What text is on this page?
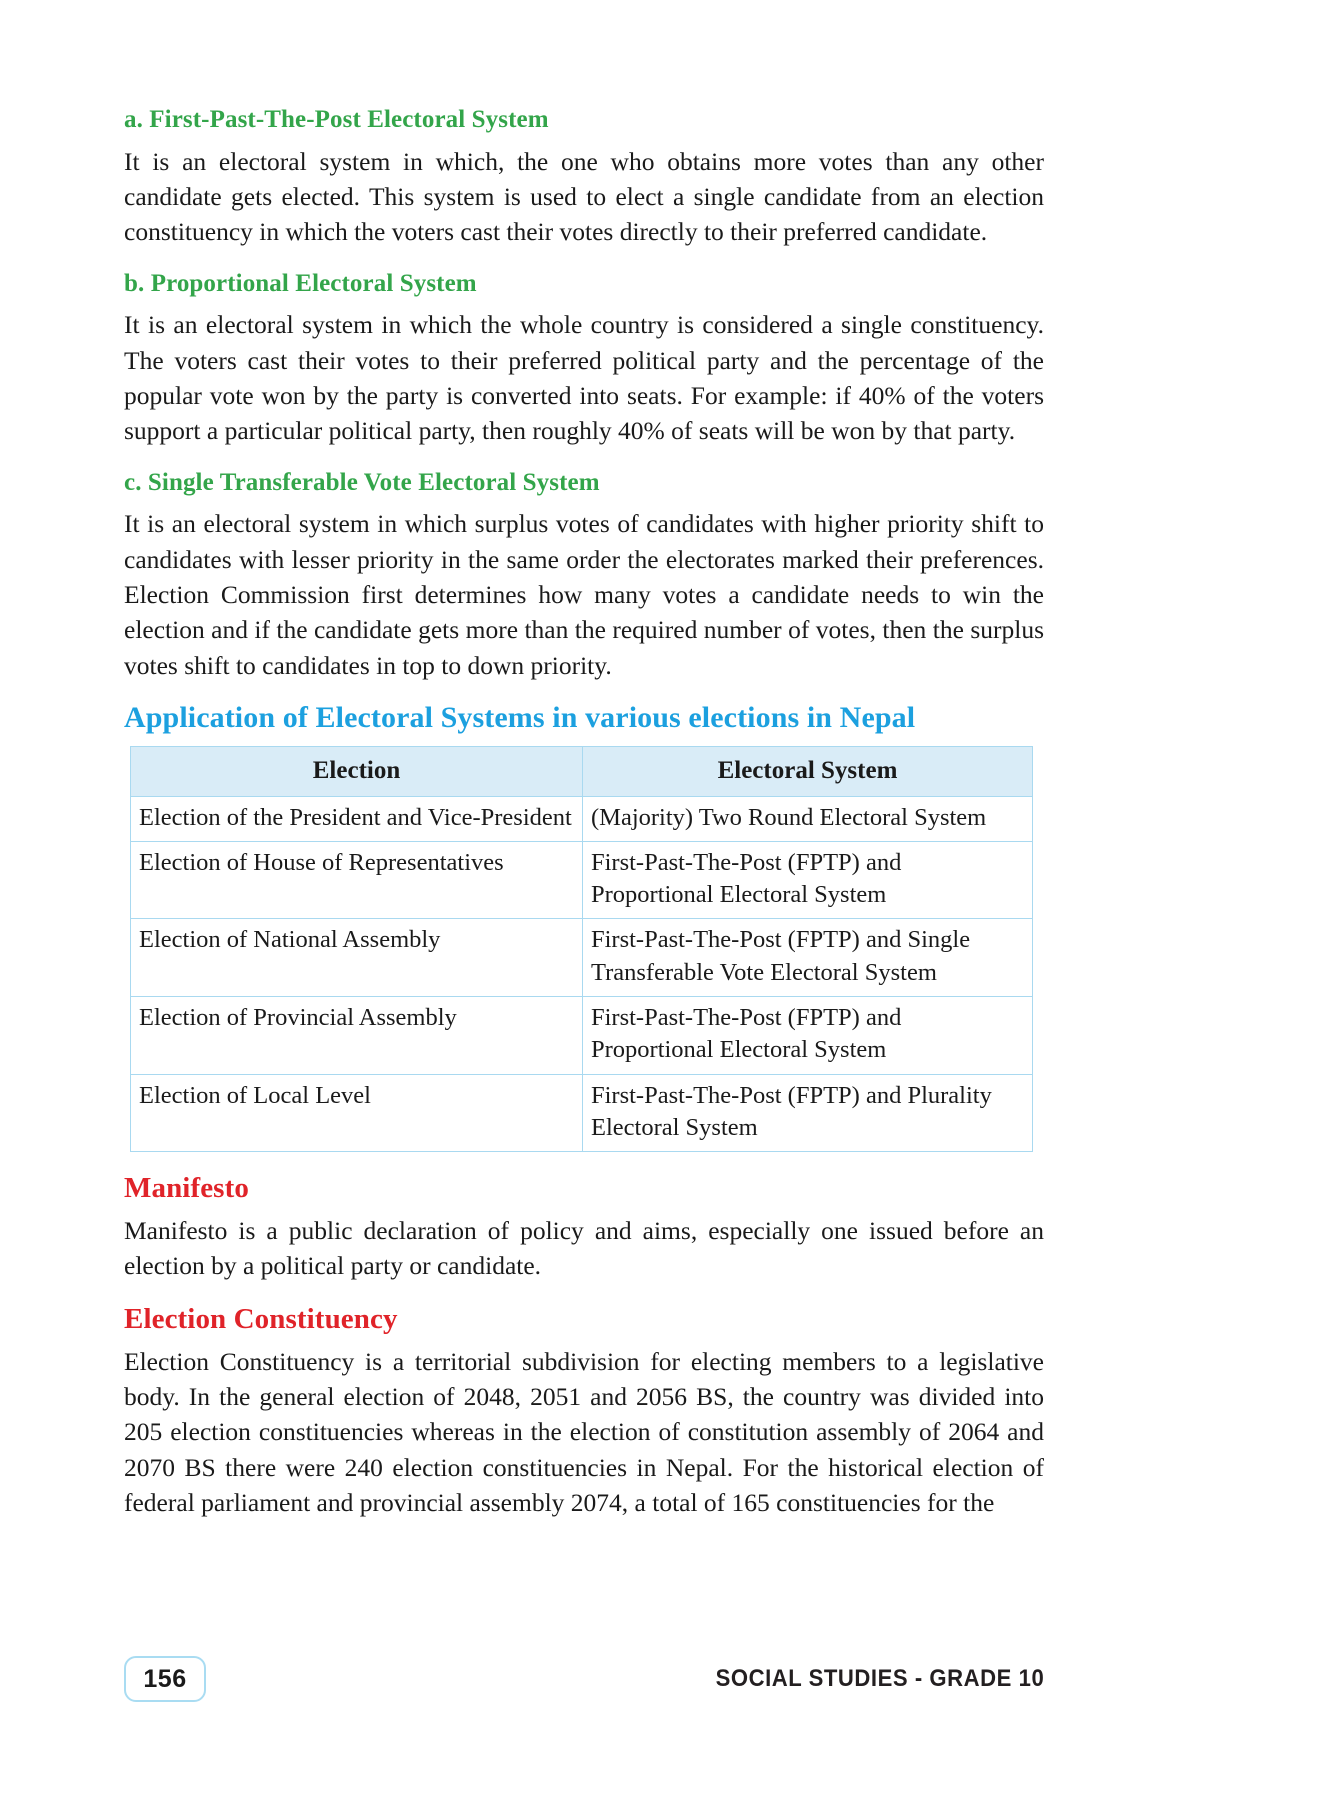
a. First-Past-The-Post Electoral System

It is an electoral system in which, the one who obtains more votes than any other candidate gets elected. This system is used to elect a single candidate from an election constituency in which the voters cast their votes directly to their preferred candidate.

b. Proportional Electoral System

It is an electoral system in which the whole country is considered a single constituency. The voters cast their votes to their preferred political party and the percentage of the popular vote won by the party is converted into seats. For example: if 40% of the voters support a particular political party, then roughly 40% of seats will be won by that party.

c. Single Transferable Vote Electoral System

It is an electoral system in which surplus votes of candidates with higher priority shift to candidates with lesser priority in the same order the electorates marked their preferences. Election Commission first determines how many votes a candidate needs to win the election and if the candidate gets more than the required number of votes, then the surplus votes shift to candidates in top to down priority.

Application of Electoral Systems in various elections in Nepal
Election	Electoral System
Election of the President and Vice-President	(Majority) Two Round Electoral System
Election of House of Representatives	First-Past-The-Post (FPTP) and Proportional Electoral System
Election of National Assembly	First-Past-The-Post (FPTP) and Single Transferable Vote Electoral System
Election of Provincial Assembly	First-Past-The-Post (FPTP) and Proportional Electoral System
Election of Local Level	First-Past-The-Post (FPTP) and Plurality Electoral System
Manifesto

Manifesto is a public declaration of policy and aims, especially one issued before an election by a political party or candidate.

Election Constituency

Election Constituency is a territorial subdivision for electing members to a legislative body. In the general election of 2048, 2051 and 2056 BS, the country was divided into 205 election constituencies whereas in the election of constitution assembly of 2064 and 2070 BS there were 240 election constituencies in Nepal. For the historical election of federal parliament and provincial assembly 2074, a total of 165 constituencies for the

156	SOCIAL STUDIES - GRADE 10
